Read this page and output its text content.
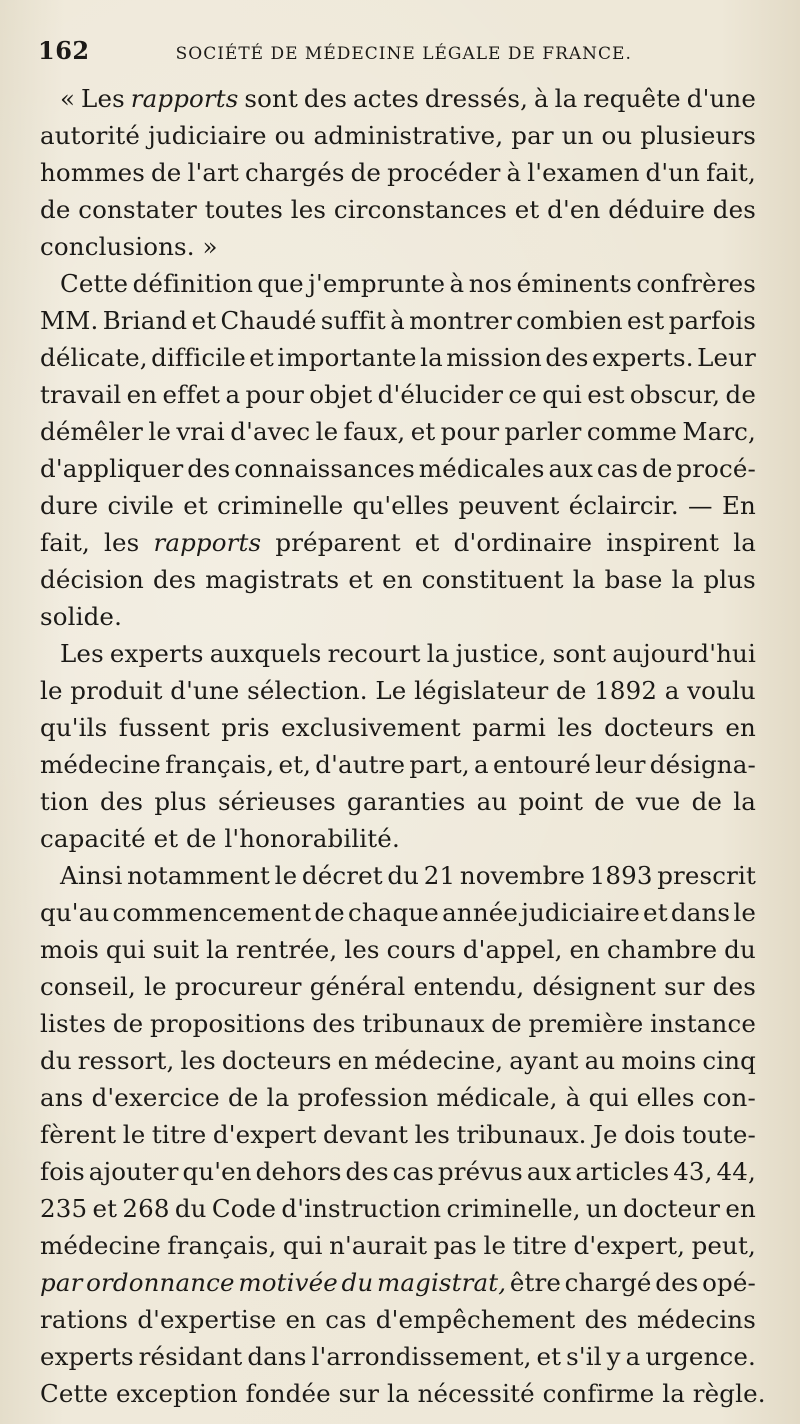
162	SOCIÉTÉ DE MÉDECINE LÉGALE DE FRANCE.
« Les rapports sont des actes dressés, à la requête d'une
autorité judiciaire ou administrative, par un ou plusieurs
hommes de l'art chargés de procéder à l'examen d'un fait,
de constater toutes les circonstances et d'en déduire des
conclusions. »
Cette définition que j'emprunte à nos éminents confrères
MM. Briand et Chaudé suffit à montrer combien est parfois
délicate, difficile et importante la mission des experts. Leur
travail en effet a pour objet d'élucider ce qui est obscur, de
démêler le vrai d'avec le faux, et pour parler comme Marc,
d'appliquer des connaissances médicales aux cas de procé-
dure civile et criminelle qu'elles peuvent éclaircir. — En
fait, les rapports préparent et d'ordinaire inspirent la
décision des magistrats et en constituent la base la plus
solide.
Les experts auxquels recourt la justice, sont aujourd'hui
le produit d'une sélection. Le législateur de 1892 a voulu
qu'ils fussent pris exclusivement parmi les docteurs en
médecine français, et, d'autre part, a entouré leur désigna-
tion des plus sérieuses garanties au point de vue de la
capacité et de l'honorabilité.
Ainsi notamment le décret du 21 novembre 1893 prescrit
qu'au commencement de chaque année judiciaire et dans le
mois qui suit la rentrée, les cours d'appel, en chambre du
conseil, le procureur général entendu, désignent sur des
listes de propositions des tribunaux de première instance
du ressort, les docteurs en médecine, ayant au moins cinq
ans d'exercice de la profession médicale, à qui elles con-
fèrent le titre d'expert devant les tribunaux. Je dois toute-
fois ajouter qu'en dehors des cas prévus aux articles 43, 44,
235 et 268 du Code d'instruction criminelle, un docteur en
médecine français, qui n'aurait pas le titre d'expert, peut,
par ordonnance motivée du magistrat, être chargé des opé-
rations d'expertise en cas d'empêchement des médecins
experts résidant dans l'arrondissement, et s'il y a urgence.
Cette exception fondée sur la nécessité confirme la règle.
